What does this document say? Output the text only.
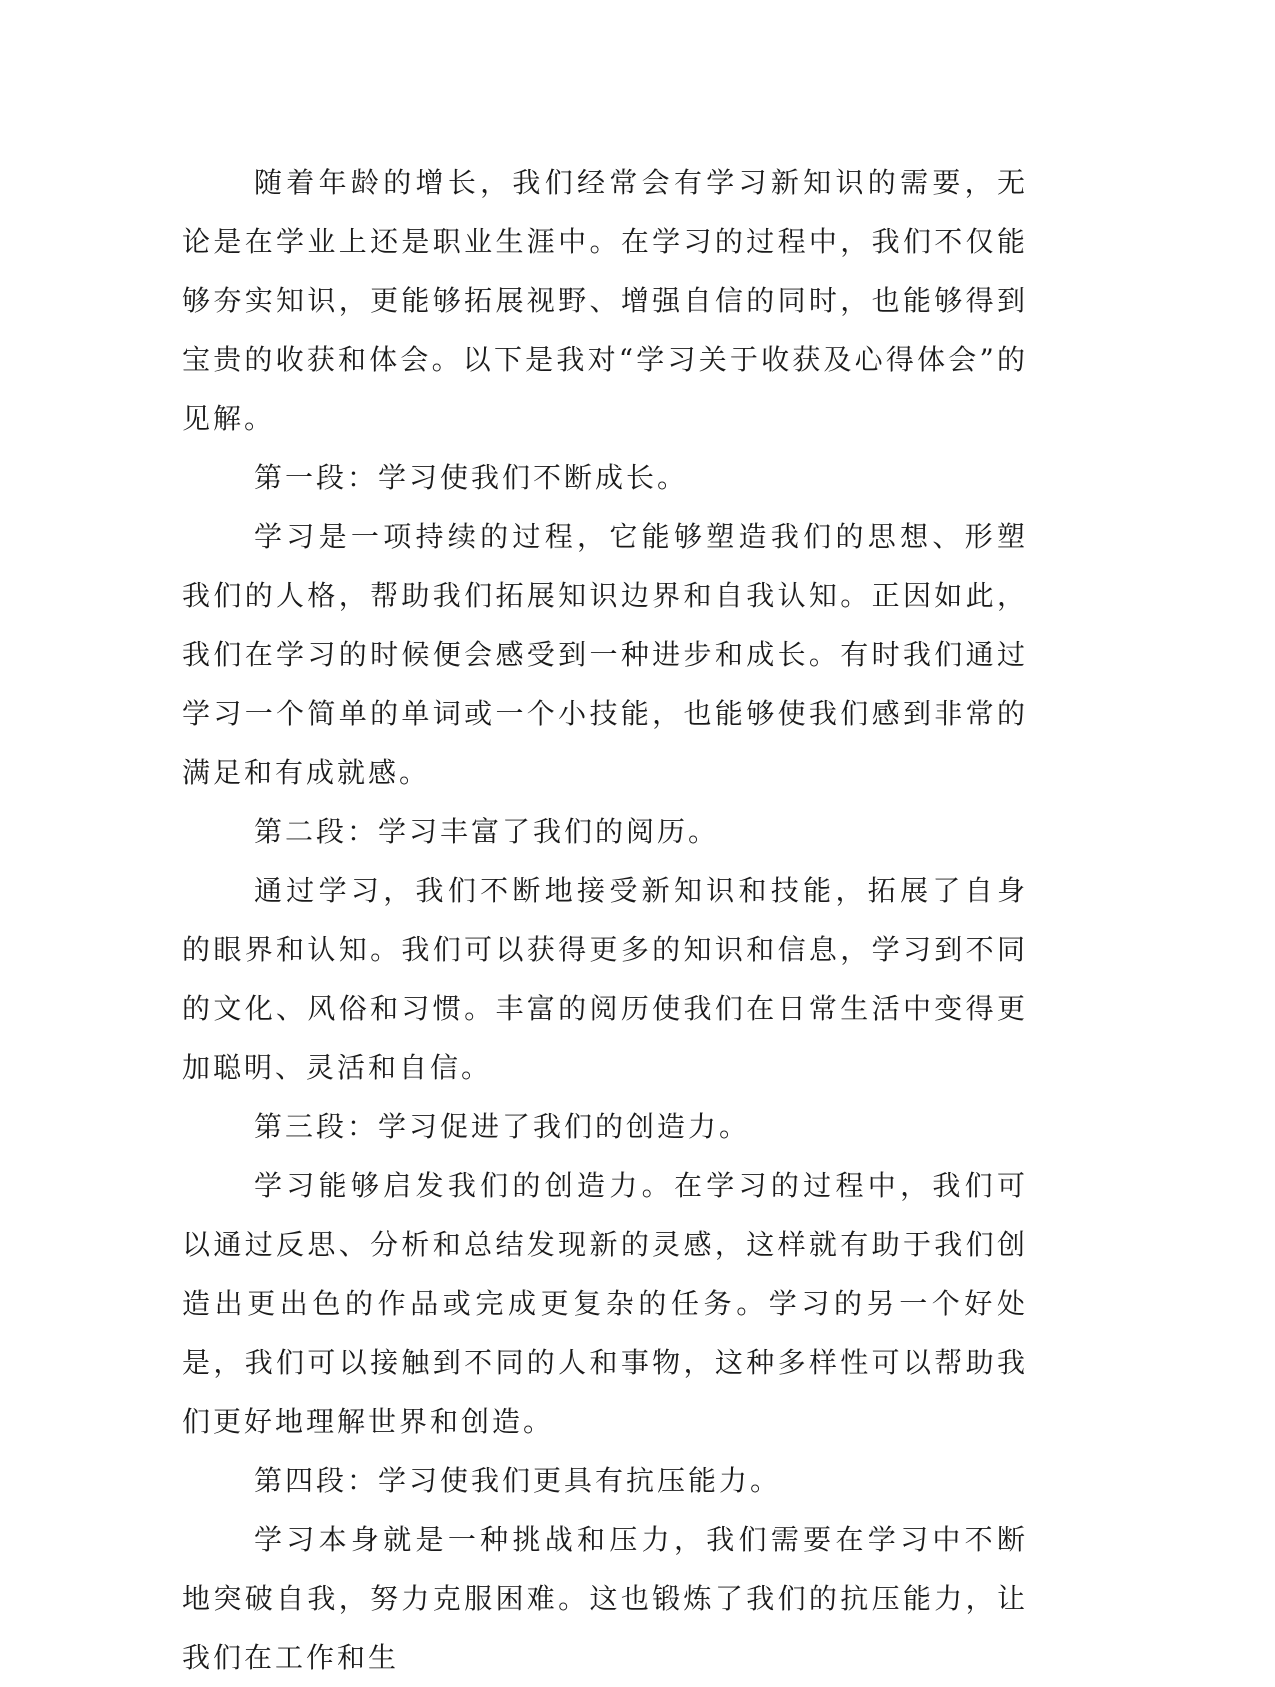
随着年龄的增长，我们经常会有学习新知识的需要，无论是在学业上还是职业生涯中。在学习的过程中，我们不仅能够夯实知识，更能够拓展视野、增强自信的同时，也能够得到宝贵的收获和体会。以下是我对“学习关于收获及心得体会”的见解。

第一段：学习使我们不断成长。

学习是一项持续的过程，它能够塑造我们的思想、形塑我们的人格，帮助我们拓展知识边界和自我认知。正因如此，我们在学习的时候便会感受到一种进步和成长。有时我们通过学习一个简单的单词或一个小技能，也能够使我们感到非常的满足和有成就感。

第二段：学习丰富了我们的阅历。

通过学习，我们不断地接受新知识和技能，拓展了自身的眼界和认知。我们可以获得更多的知识和信息，学习到不同的文化、风俗和习惯。丰富的阅历使我们在日常生活中变得更加聪明、灵活和自信。

第三段：学习促进了我们的创造力。

学习能够启发我们的创造力。在学习的过程中，我们可以通过反思、分析和总结发现新的灵感，这样就有助于我们创造出更出色的作品或完成更复杂的任务。学习的另一个好处是，我们可以接触到不同的人和事物，这种多样性可以帮助我们更好地理解世界和创造。

第四段：学习使我们更具有抗压能力。

学习本身就是一种挑战和压力，我们需要在学习中不断地突破自我，努力克服困难。这也锻炼了我们的抗压能力，让我们在工作和生
